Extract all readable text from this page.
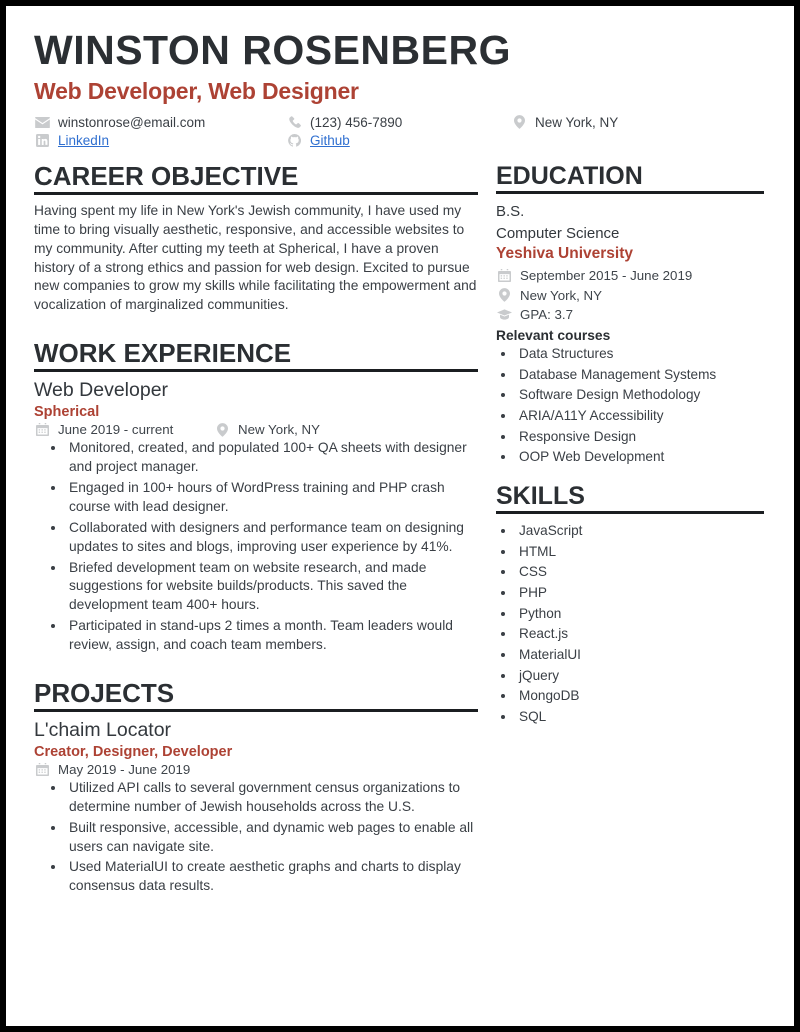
WINSTON ROSENBERG
Web Developer, Web Designer
winstonrose@email.com	(123) 456-7890	New York, NY
LinkedIn	Github
CAREER OBJECTIVE

Having spent my life in New York's Jewish community, I have used my time to bring visually aesthetic, responsive, and accessible websites to my community. After cutting my teeth at Spherical, I have a proven history of a strong ethics and passion for web design. Excited to pursue new companies to grow my skills while facilitating the empowerment and vocalization of marginalized communities.

WORK EXPERIENCE
Web Developer
Spherical
June 2019 - current	New York, NY
• Monitored, created, and populated 100+ QA sheets with designer and project manager.
• Engaged in 100+ hours of WordPress training and PHP crash course with lead designer.
• Collaborated with designers and performance team on designing updates to sites and blogs, improving user experience by 41%.
• Briefed development team on website research, and made suggestions for website builds/products. This saved the development team 400+ hours.
• Participated in stand-ups 2 times a month. Team leaders would review, assign, and coach team members.
PROJECTS
L'chaim Locator
Creator, Designer, Developer
May 2019 - June 2019
• Utilized API calls to several government census organizations to determine number of Jewish households across the U.S.
• Built responsive, accessible, and dynamic web pages to enable all users can navigate site.
• Used MaterialUI to create aesthetic graphs and charts to display consensus data results.
EDUCATION
B.S.
Computer Science
Yeshiva University
September 2015 - June 2019
New York, NY
GPA: 3.7
Relevant courses
• Data Structures
• Database Management Systems
• Software Design Methodology
• ARIA/A11Y Accessibility
• Responsive Design
• OOP Web Development
SKILLS
• JavaScript
• HTML
• CSS
• PHP
• Python
• React.js
• MaterialUI
• jQuery
• MongoDB
• SQL
